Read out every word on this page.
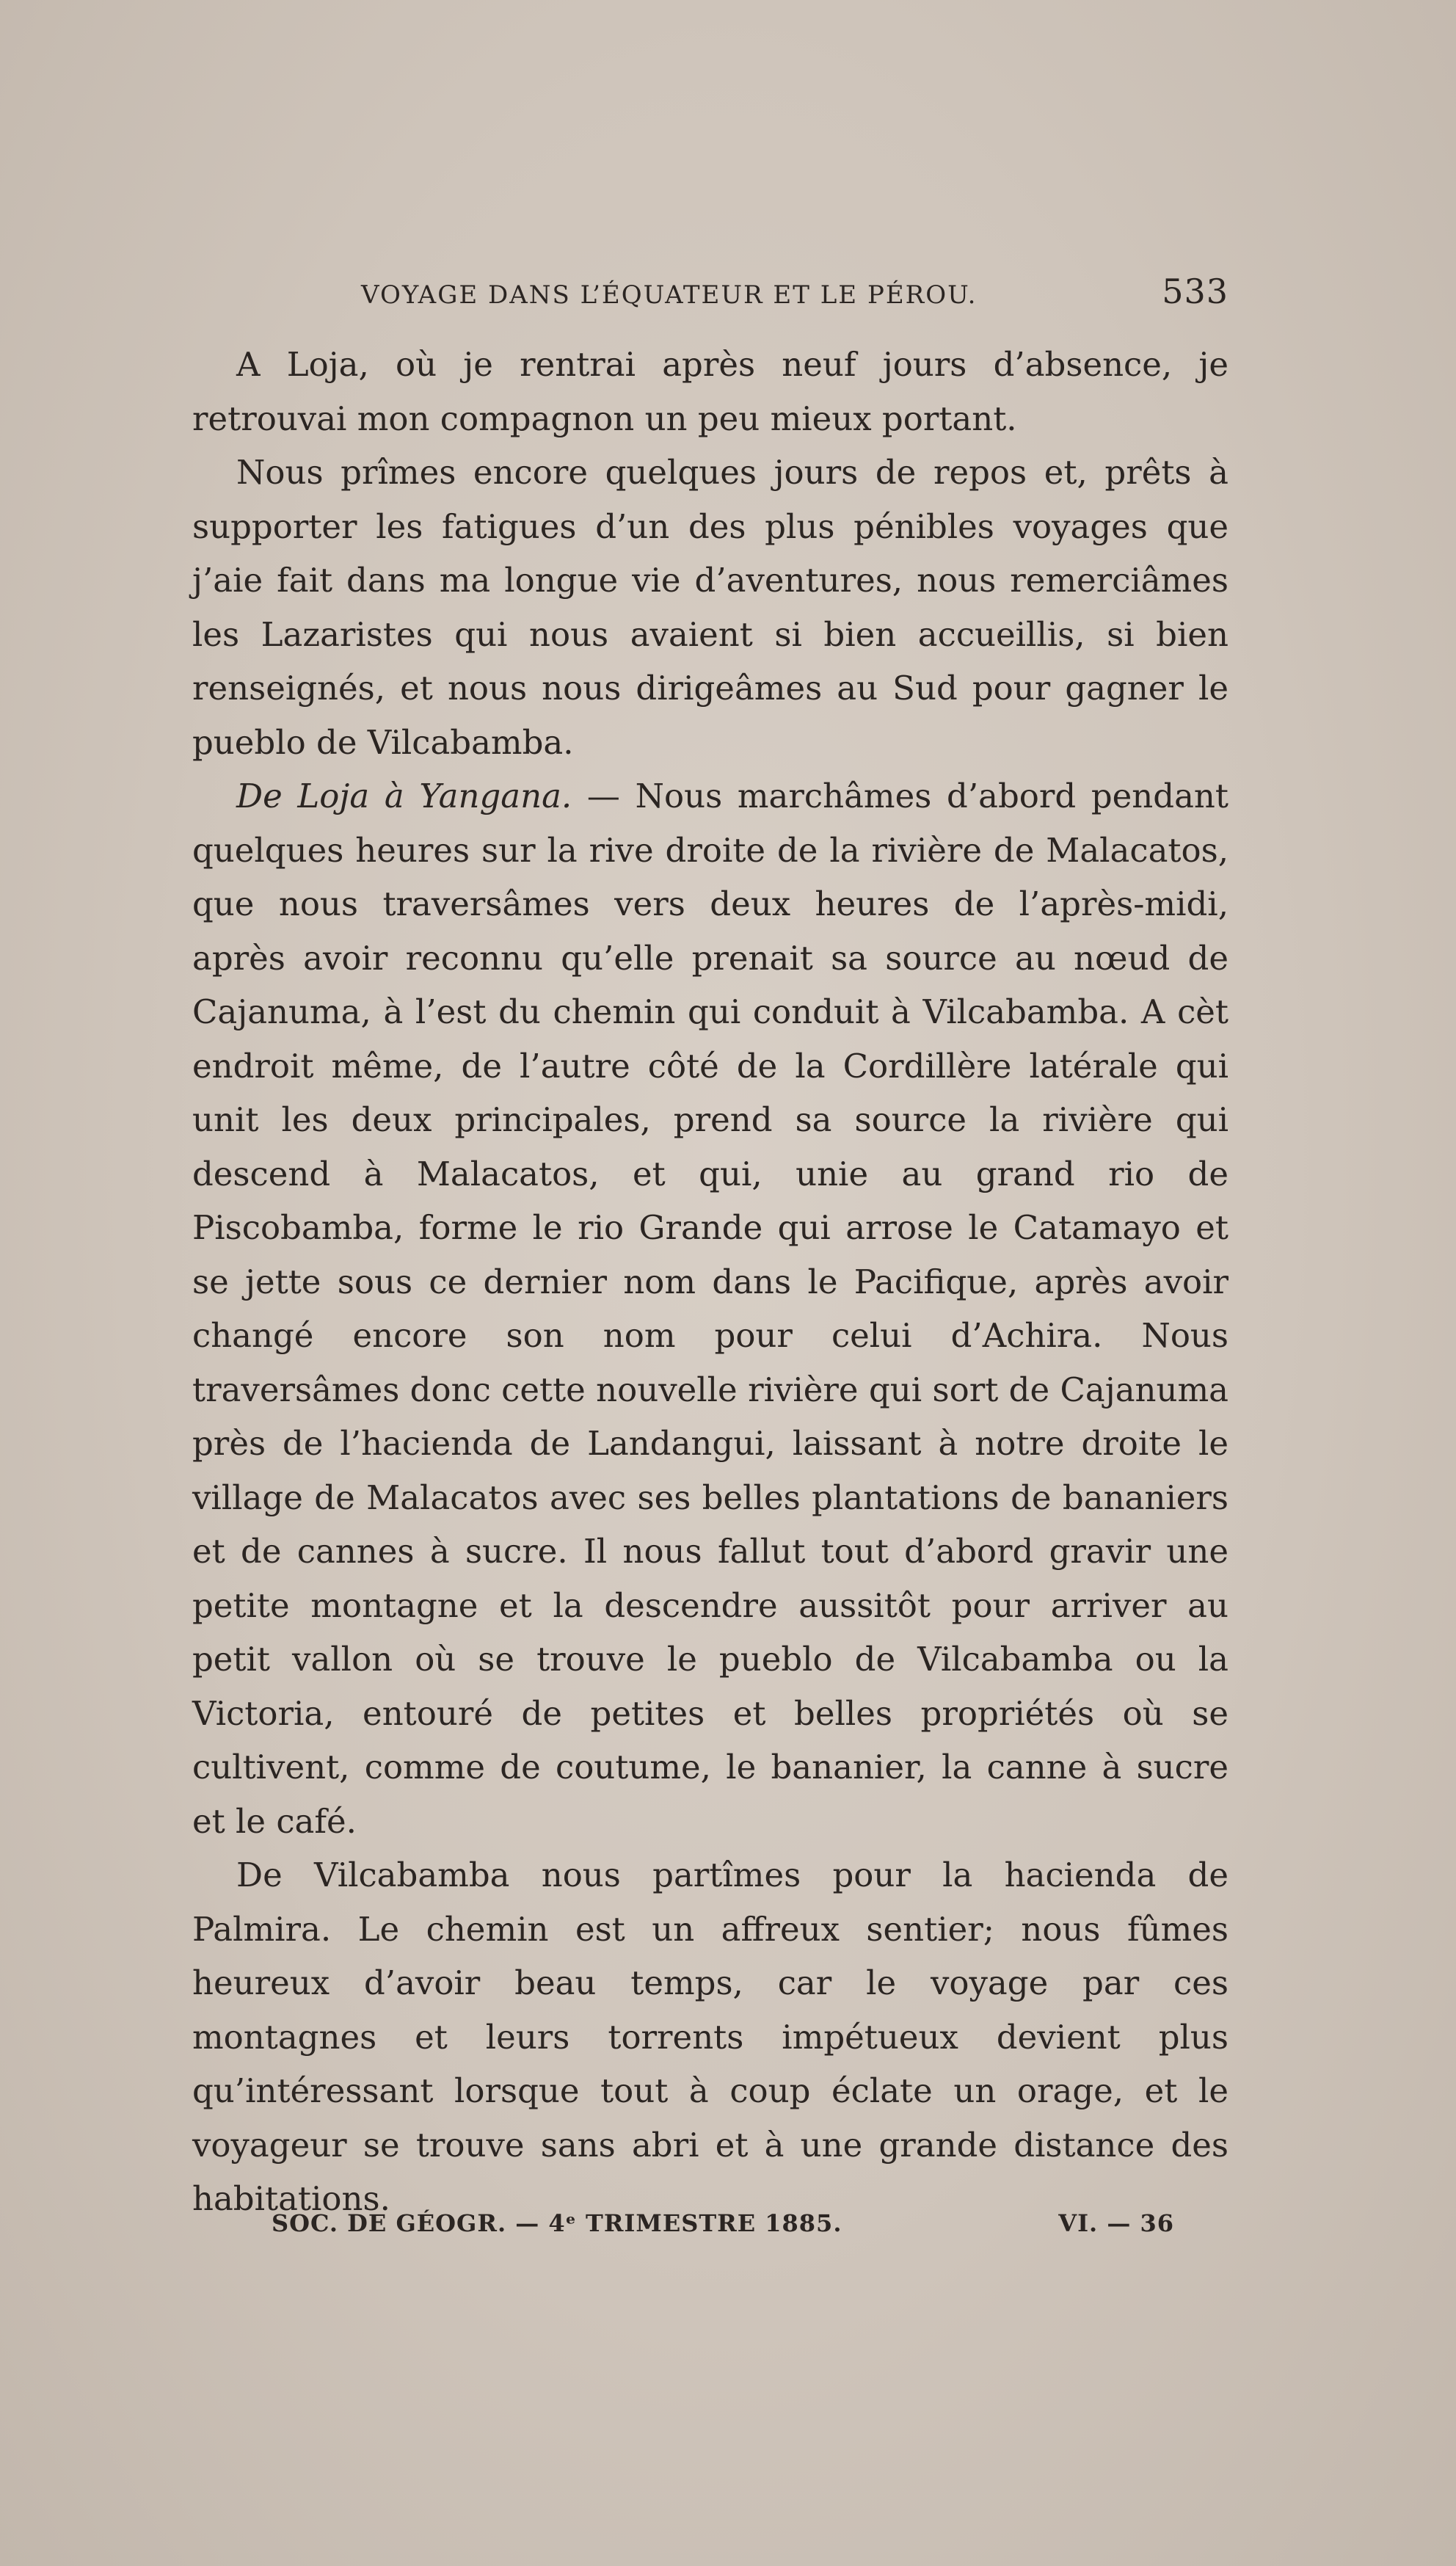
VOYAGE DANS L’ÉQUATEUR ET LE PÉROU.	533

A Loja, où je rentrai après neuf jours d’absence, je retrouvai mon compagnon un peu mieux portant.

Nous prîmes encore quelques jours de repos et, prêts à supporter les fatigues d’un des plus pénibles voyages que j’aie fait dans ma longue vie d’aventures, nous remerciâmes les Lazaristes qui nous avaient si bien accueillis, si bien renseignés, et nous nous dirigeâmes au Sud pour gagner le pueblo de Vilcabamba.

De Loja à Yangana. — Nous marchâmes d’abord pendant quelques heures sur la rive droite de la rivière de Malacatos, que nous traversâmes vers deux heures de l’après-midi, après avoir reconnu qu’elle prenait sa source au nœud de Cajanuma, à l’est du chemin qui conduit à Vilcabamba. A cèt endroit même, de l’autre côté de la Cordillère latérale qui unit les deux principales, prend sa source la rivière qui descend à Malacatos, et qui, unie au grand rio de Piscobamba, forme le rio Grande qui arrose le Catamayo et se jette sous ce dernier nom dans le Pacifique, après avoir changé encore son nom pour celui d’Achira. Nous traversâmes donc cette nouvelle rivière qui sort de Cajanuma près de l’hacienda de Landangui, laissant à notre droite le village de Malacatos avec ses belles plantations de bananiers et de cannes à sucre. Il nous fallut tout d’abord gravir une petite montagne et la descendre aussitôt pour arriver au petit vallon où se trouve le pueblo de Vilcabamba ou la Victoria, entouré de petites et belles propriétés où se cultivent, comme de coutume, le bananier, la canne à sucre et le café.

De Vilcabamba nous partîmes pour la hacienda de Palmira. Le chemin est un affreux sentier; nous fûmes heureux d’avoir beau temps, car le voyage par ces montagnes et leurs torrents impétueux devient plus qu’intéressant lorsque tout à coup éclate un orage, et le voyageur se trouve sans abri et à une grande distance des habitations.

SOC. DE GÉOGR. — 4ᵉ TRIMESTRE 1885.	VI. — 36
